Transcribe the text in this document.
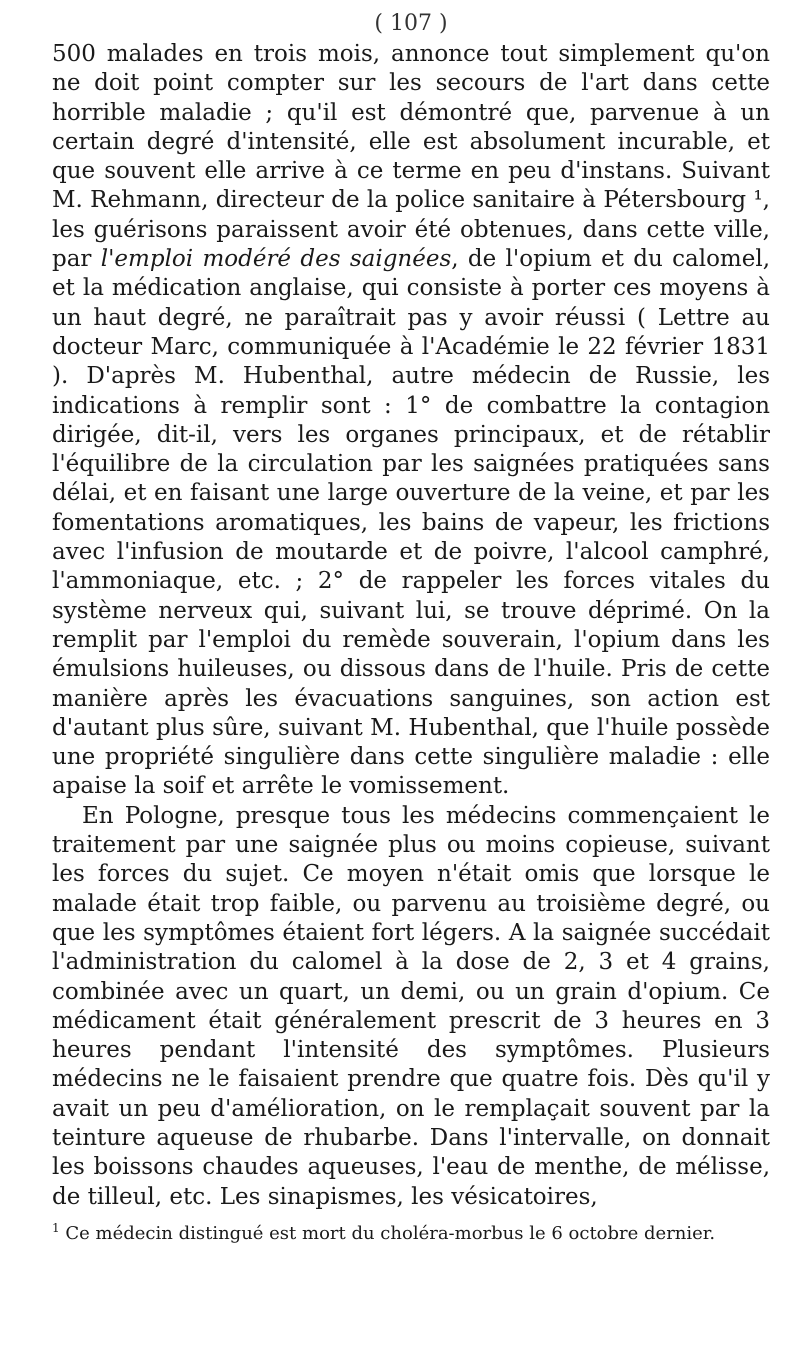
( 107 )

500 malades en trois mois, annonce tout simplement qu'on ne doit point compter sur les secours de l'art dans cette horrible maladie ; qu'il est démontré que, parvenue à un certain degré d'intensité, elle est absolument incurable, et que souvent elle arrive à ce terme en peu d'instans. Suivant M. Rehmann, directeur de la police sanitaire à Pétersbourg ¹, les guérisons paraissent avoir été obtenues, dans cette ville, par l'emploi modéré des saignées, de l'opium et du calomel, et la médication anglaise, qui consiste à porter ces moyens à un haut degré, ne paraîtrait pas y avoir réussi ( Lettre au docteur Marc, communiquée à l'Académie le 22 février 1831 ). D'après M. Hubenthal, autre médecin de Russie, les indications à remplir sont : 1° de combattre la contagion dirigée, dit-il, vers les organes principaux, et de rétablir l'équilibre de la circulation par les saignées pratiquées sans délai, et en faisant une large ouverture de la veine, et par les fomentations aromatiques, les bains de vapeur, les frictions avec l'infusion de moutarde et de poivre, l'alcool camphré, l'ammoniaque, etc. ; 2° de rappeler les forces vitales du système nerveux qui, suivant lui, se trouve déprimé. On la remplit par l'emploi du remède souverain, l'opium dans les émulsions huileuses, ou dissous dans de l'huile. Pris de cette manière après les évacuations sanguines, son action est d'autant plus sûre, suivant M. Hubenthal, que l'huile possède une propriété singulière dans cette singulière maladie : elle apaise la soif et arrête le vomissement.

En Pologne, presque tous les médecins commençaient le traitement par une saignée plus ou moins copieuse, suivant les forces du sujet. Ce moyen n'était omis que lorsque le malade était trop faible, ou parvenu au troisième degré, ou que les symptômes étaient fort légers. A la saignée succédait l'administration du calomel à la dose de 2, 3 et 4 grains, combinée avec un quart, un demi, ou un grain d'opium. Ce médicament était généralement prescrit de 3 heures en 3 heures pendant l'intensité des symptômes. Plusieurs médecins ne le faisaient prendre que quatre fois. Dès qu'il y avait un peu d'amélioration, on le remplaçait souvent par la teinture aqueuse de rhubarbe. Dans l'intervalle, on donnait les boissons chaudes aqueuses, l'eau de menthe, de mélisse, de tilleul, etc. Les sinapismes, les vésicatoires,

$^1$ Ce médecin distingué est mort du choléra-morbus le 6 octobre dernier.
